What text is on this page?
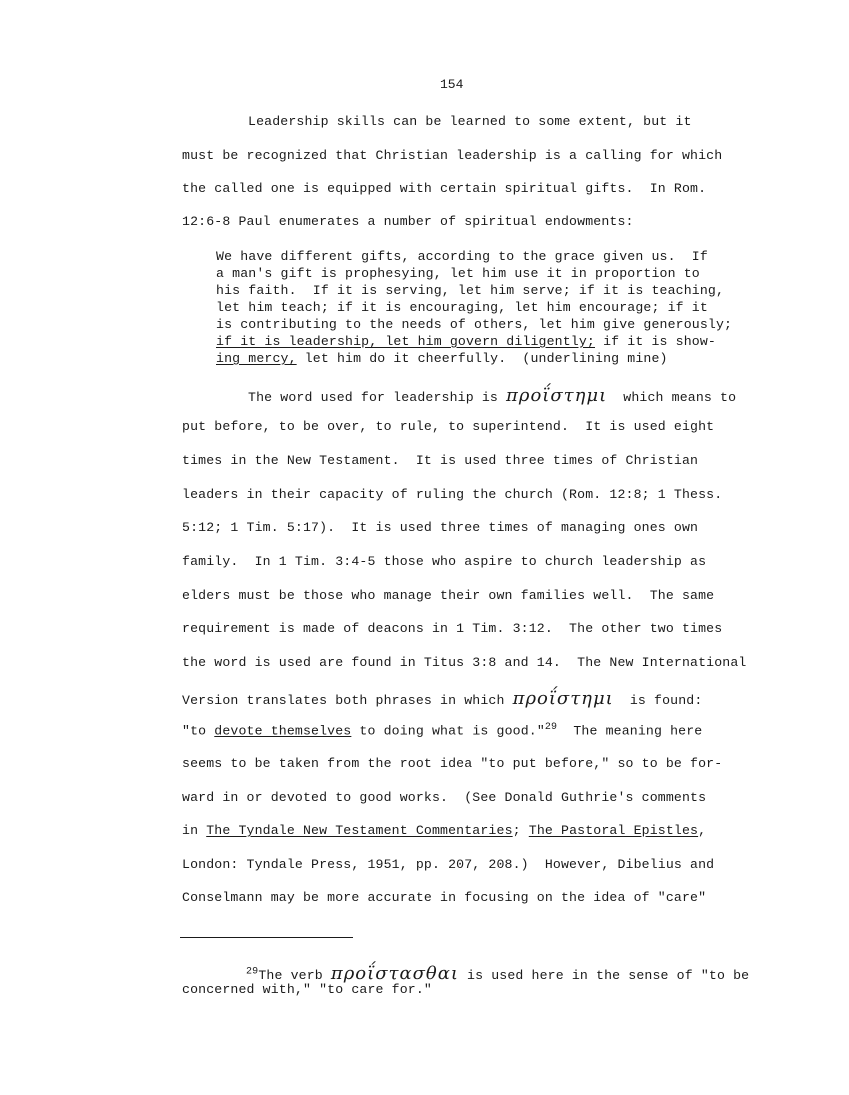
154
Leadership skills can be learned to some extent, but it
must be recognized that Christian leadership is a calling for which
the called one is equipped with certain spiritual gifts.  In Rom.
12:6-8 Paul enumerates a number of spiritual endowments:
We have different gifts, according to the grace given us.  If
a man's gift is prophesying, let him use it in proportion to
his faith.  If it is serving, let him serve; if it is teaching,
let him teach; if it is encouraging, let him encourage; if it
is contributing to the needs of others, let him give generously;
if it is leadership, let him govern diligently; if it is show-
ing mercy, let him do it cheerfully.  (underlining mine)
The word used for leadership is προΐστημι  which means to
put before, to be over, to rule, to superintend.  It is used eight
times in the New Testament.  It is used three times of Christian
leaders in their capacity of ruling the church (Rom. 12:8; 1 Thess.
5:12; 1 Tim. 5:17).  It is used three times of managing ones own
family.  In 1 Tim. 3:4-5 those who aspire to church leadership as
elders must be those who manage their own families well.  The same
requirement is made of deacons in 1 Tim. 3:12.  The other two times
the word is used are found in Titus 3:8 and 14.  The New International
Version translates both phrases in which προΐστημι  is found:
"to devote themselves to doing what is good."$^{29}$  The meaning here
seems to be taken from the root idea "to put before," so to be for-
ward in or devoted to good works.  (See Donald Guthrie's comments
in The Tyndale New Testament Commentaries; The Pastoral Epistles,
London: Tyndale Press, 1951, pp. 207, 208.)  However, Dibelius and
Conselmann may be more accurate in focusing on the idea of "care"
$^{29}$The verb προΐστασθαι is used here in the sense of "to be
concerned with," "to care for."
